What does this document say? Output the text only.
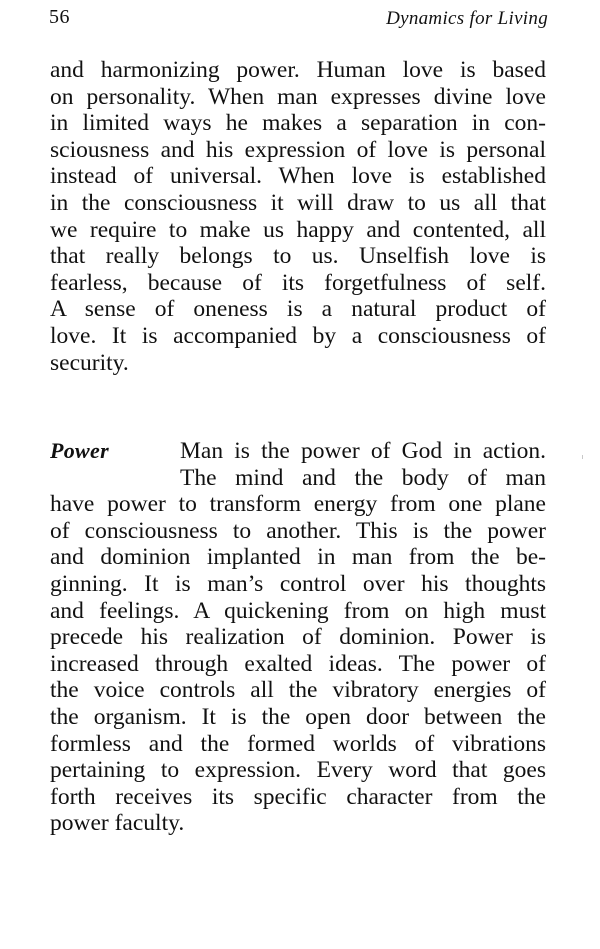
56	Dynamics for Living
and harmonizing power. Human love is based
on personality. When man expresses divine love
in limited ways he makes a separation in con-
sciousness and his expression of love is personal
instead of universal. When love is established
in the consciousness it will draw to us all that
we require to make us happy and contented, all
that really belongs to us. Unselfish love is
fearless, because of its forgetfulness of self.
A sense of oneness is a natural product of
love. It is accompanied by a consciousness of
security.
Power	Man is the power of God in action.
The mind and the body of man
have power to transform energy from one plane
of consciousness to another. This is the power
and dominion implanted in man from the be-
ginning. It is man’s control over his thoughts
and feelings. A quickening from on high must
precede his realization of dominion. Power is
increased through exalted ideas. The power of
the voice controls all the vibratory energies of
the organism. It is the open door between the
formless and the formed worlds of vibrations
pertaining to expression. Every word that goes
forth receives its specific character from the
power faculty.
